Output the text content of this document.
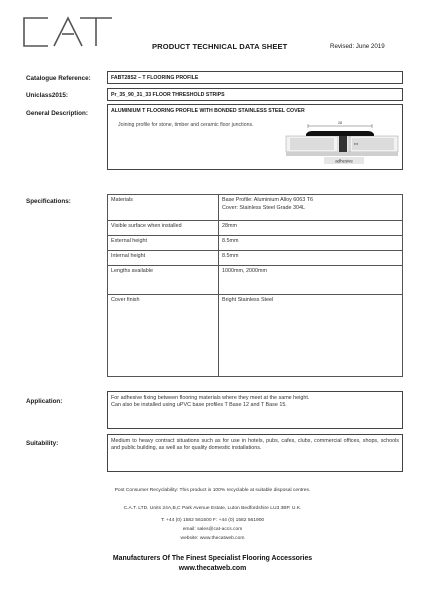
PRODUCT TECHNICAL DATA SHEET	Revised: June 2019
Catalogue Reference:	FABT28S2 – T FLOORING PROFILE
Uniclass2015:	Pr_35_90_31_33 FLOOR THRESHOLD STRIPS
General Description:	ALUMINIUM T FLOORING PROFILE WITH BONDED STAINLESS STEEL COVER
Joining profile for stone, timber and ceramic floor junctions.	28
8.5
adhesive
Specifications:	Materials	Base Profile: Aluminium Alloy 6063 T6
Cover: Stainless Steel Grade 304L

Visible surface when installed	28mm
External height	8.5mm
Internal height	8.5mm
Lengths available	1000mm, 2000mm
Cover finish	Bright Stainless Steel
Application:	For adhesive fixing between flooring materials where they meet at the same height.
Can also be installed using uPVC base profiles T Base 12 and T Base 15.
Suitability:	Medium to heavy contract situations such as for use in hotels, pubs, cafes, clubs, commercial offices, shops, schools and public building, as well as for quality domestic installations.
Post Consumer Recyclability: This product is 100% recyclable at suitable disposal centres.
C.A.T. LTD. Units 24A,B,C Park Avenue Estate, Luton Bedfordshire LU3 3BP. U.K.
T: +44 (0) 1582 561500 F: +44 (0) 1582 561900
email: sales@cat-accs.com
website: www.thecatweb.com
Manufacturers Of The Finest Specialist Flooring Accessories
www.thecatweb.com
